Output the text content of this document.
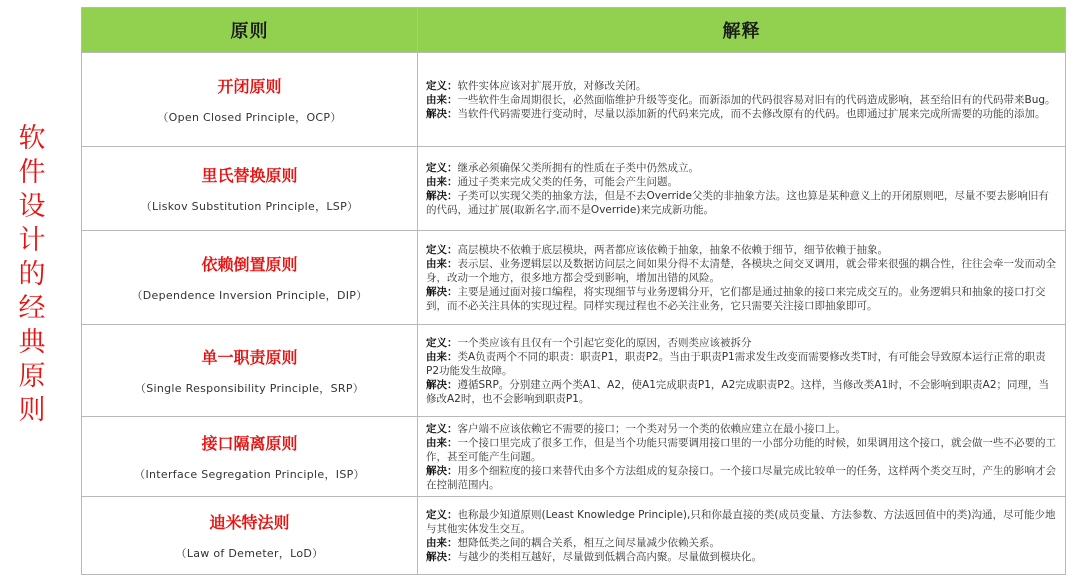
软
件
设
计
的
经
典
原
则
原则	解释

开闭原则
（Open Closed Principle，OCP）	定义：软件实体应该对扩展开放，对修改关闭。
由来：一些软件生命周期很长，必然面临维护升级等变化。而新添加的代码很容易对旧有的代码造成影响，甚至给旧有的代码带来Bug。
解决：当软件代码需要进行变动时，尽量以添加新的代码来完成，而不去修改原有的代码。也即通过扩展来完成所需要的功能的添加。

里氏替换原则
（Liskov Substitution Principle，LSP）	定义：继承必须确保父类所拥有的性质在子类中仍然成立。
由来：通过子类来完成父类的任务，可能会产生问题。
解决：子类可以实现父类的抽象方法，但是不去Override父类的非抽象方法。这也算是某种意义上的开闭原则吧，尽量不要去影响旧有的代码，通过扩展(取新名字,而不是Override)来完成新功能。

依赖倒置原则
（Dependence Inversion Principle，DIP）	定义：高层模块不依赖于底层模块，两者都应该依赖于抽象，抽象不依赖于细节，细节依赖于抽象。
由来：表示层、业务逻辑层以及数据访问层之间如果分得不太清楚，各模块之间交叉调用，就会带来很强的耦合性，往往会牵一发而动全身，改动一个地方，很多地方都会受到影响，增加出错的风险。
解决：主要是通过面对接口编程，将实现细节与业务逻辑分开，它们都是通过抽象的接口来完成交互的。业务逻辑只和抽象的接口打交到，而不必关注具体的实现过程。同样实现过程也不必关注业务，它只需要关注接口即抽象即可。

单一职责原则
（Single Responsibility Principle，SRP）	定义：一个类应该有且仅有一个引起它变化的原因，否则类应该被拆分
由来：类A负责两个不同的职责：职责P1，职责P2。当由于职责P1需求发生改变而需要修改类T时，有可能会导致原本运行正常的职责P2功能发生故障。
解决：遵循SRP。分别建立两个类A1、A2，使A1完成职责P1，A2完成职责P2。这样，当修改类A1时，不会影响到职责A2；同理，当修改A2时，也不会影响到职责P1。

接口隔离原则
（Interface Segregation Principle，ISP）	定义：客户端不应该依赖它不需要的接口；一个类对另一个类的依赖应建立在最小接口上。
由来：一个接口里完成了很多工作，但是当个功能只需要调用接口里的一小部分功能的时候，如果调用这个接口，就会做一些不必要的工作，甚至可能产生问题。
解决：用多个细粒度的接口来替代由多个方法组成的复杂接口。一个接口尽量完成比较单一的任务，这样两个类交互时，产生的影响才会在控制范围内。

迪米特法则
（Law of Demeter，LoD）	定义：也称最少知道原则(Least Knowledge Principle),只和你最直接的类(成员变量、方法参数、方法返回值中的类)沟通，尽可能少地与其他实体发生交互。
由来：想降低类之间的耦合关系，相互之间尽量减少依赖关系。
解决：与越少的类相互越好，尽量做到低耦合高内聚。尽量做到模块化。
